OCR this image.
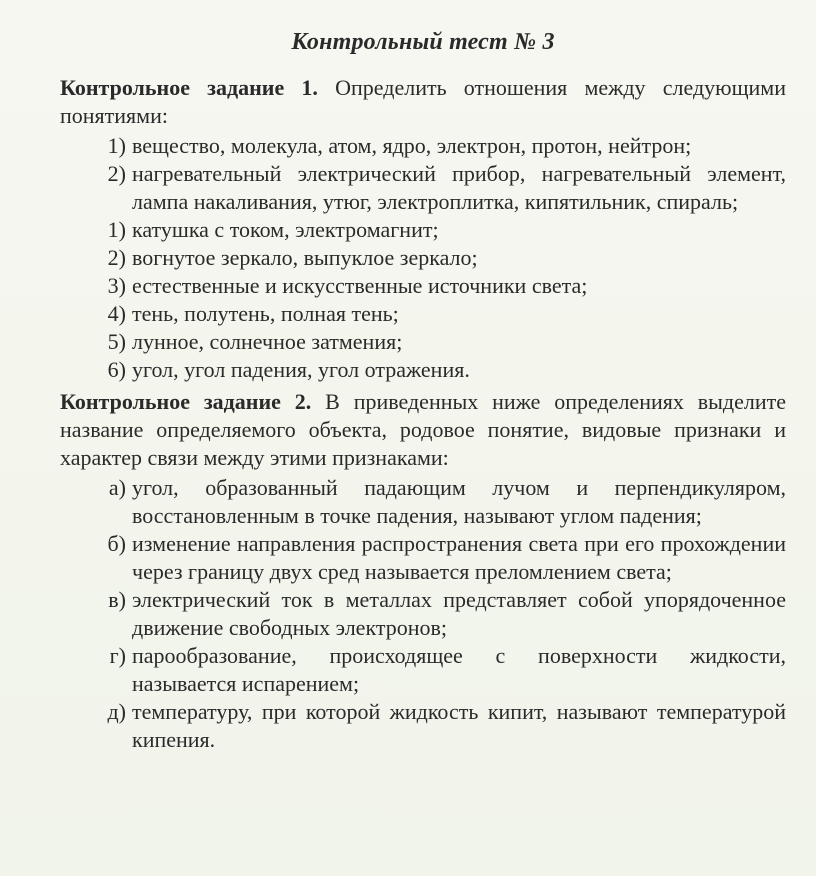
Контрольный тест № 3

Контрольное задание 1. Определить отношения между следующими понятиями:

1) вещество, молекула, атом, ядро, электрон, протон, нейтрон;
2) нагревательный электрический прибор, нагревательный элемент, лампа накаливания, утюг, электроплитка, кипятильник, спираль;
1) катушка с током, электромагнит;
2) вогнутое зеркало, выпуклое зеркало;
3) естественные и искусственные источники света;
4) тень, полутень, полная тень;
5) лунное, солнечное затмения;
6) угол, угол падения, угол отражения.

Контрольное задание 2. В приведенных ниже определениях выделите название определяемого объекта, родовое понятие, видовые признаки и характер связи между этими признаками:

а) угол, образованный падающим лучом и перпендикуляром, восстановленным в точке падения, называют углом падения;
б) изменение направления распространения света при его прохождении через границу двух сред называется преломлением света;
в) электрический ток в металлах представляет собой упорядоченное движение свободных электронов;
г) парообразование, происходящее с поверхности жидкости, называется испарением;
д) температуру, при которой жидкость кипит, называют температурой кипения.
